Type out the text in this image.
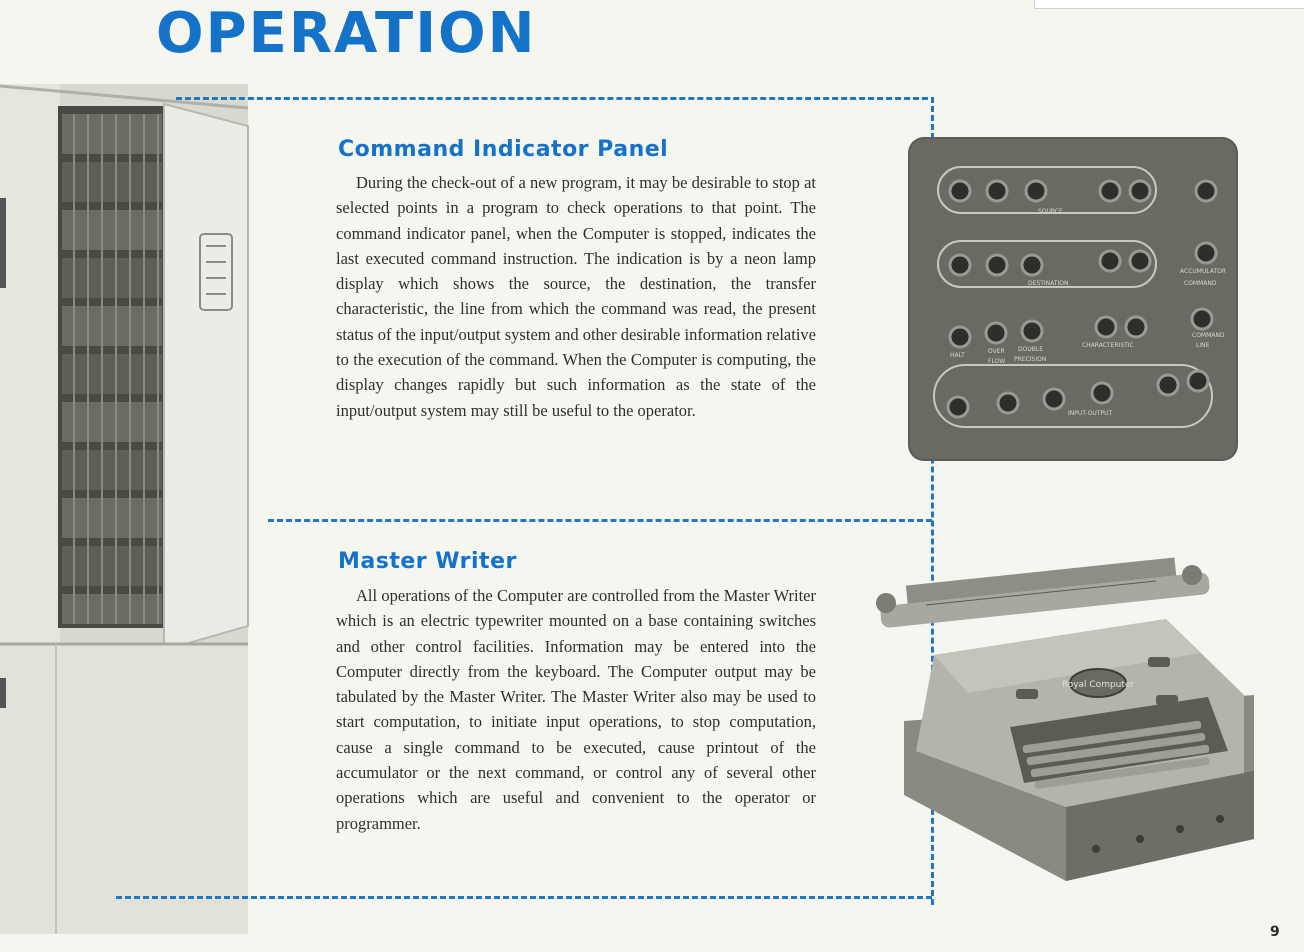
OPERATION
Command Indicator Panel

During the check-out of a new program, it may be desirable to stop at selected points in a program to check operations to that point. The command indicator panel, when the Computer is stopped, indicates the last executed command instruction. The indication is by a neon lamp display which shows the source, the destination, the transfer characteristic, the line from which the command was read, the present status of the input/output system and other desirable information relative to the execution of the command. When the Computer is computing, the display changes rapidly but such information as the state of the input/output system may still be useful to the operator.

SOURCE
DESTINATION
ACCUMULATOR
COMMAND
HALT
OVER
FLOW
DOUBLE
PRECISION
CHARACTERISTIC
COMMAND
LINE
INPUT-OUTPUT
Master Writer

All operations of the Computer are controlled from the Master Writer which is an electric typewriter mounted on a base containing switches and other control facilities. Information may be entered into the Computer directly from the keyboard. The Computer output may be tabulated by the Master Writer. The Master Writer also may be used to start computation, to initiate input operations, to stop computation, cause a single command to be executed, cause printout of the accumulator or the next command, or control any of several other operations which are useful and convenient to the operator or programmer.

Royal Computer
9
